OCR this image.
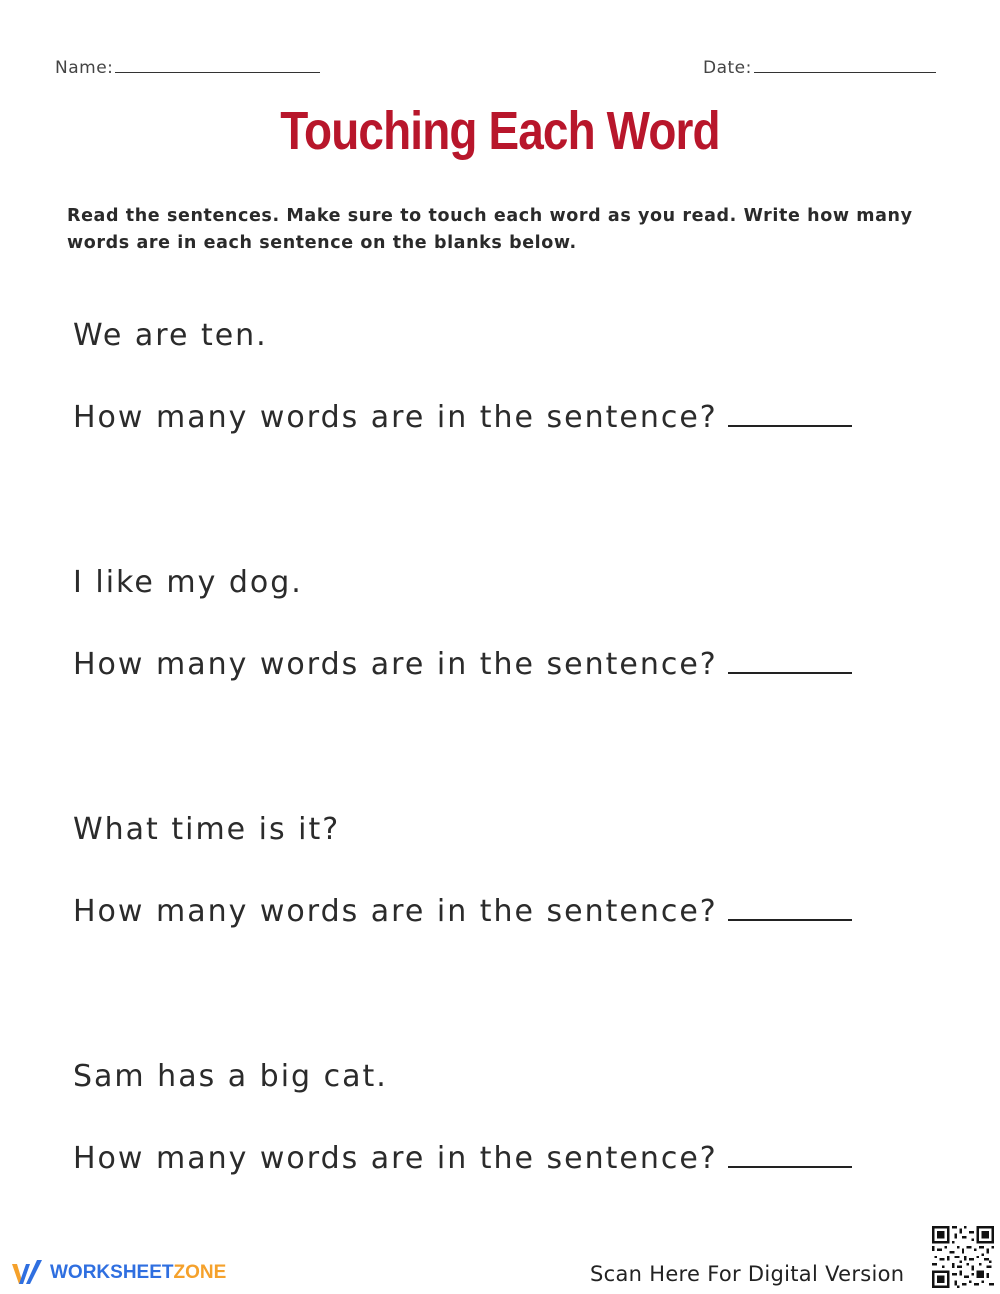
Name:	Date:
Touching Each Word
Read the sentences. Make sure to touch each word as you read. Write how many words are in each sentence on the blanks below.
We are ten.
How many words are in the sentence?
I like my dog.
How many words are in the sentence?
What time is it?
How many words are in the sentence?
Sam has a big cat.
How many words are in the sentence?
WORKSHEETZONE	Scan Here For Digital Version
